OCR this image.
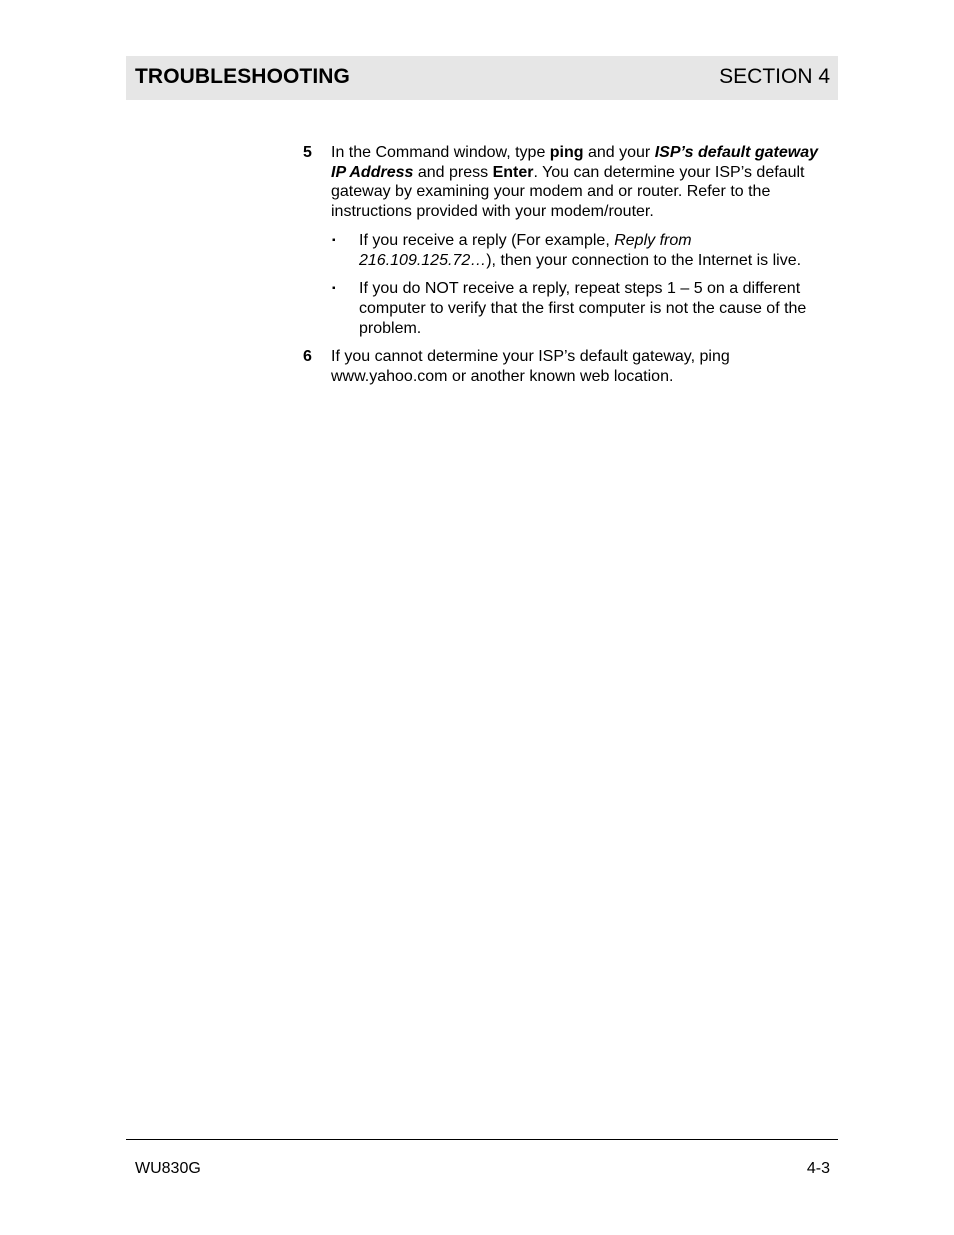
TROUBLESHOOTING	SECTION 4
5 In the Command window, type ping and your ISP’s default gateway IP Address and press Enter. You can determine your ISP’s default gateway by examining your modem and or router. Refer to the instructions provided with your modem/router.
▪ If you receive a reply (For example, Reply from 216.109.125.72…), then your connection to the Internet is live.
▪ If you do NOT receive a reply, repeat steps 1 – 5 on a different computer to verify that the first computer is not the cause of the problem.
6 If you cannot determine your ISP’s default gateway, ping www.yahoo.com or another known web location.
WU830G	4-3
